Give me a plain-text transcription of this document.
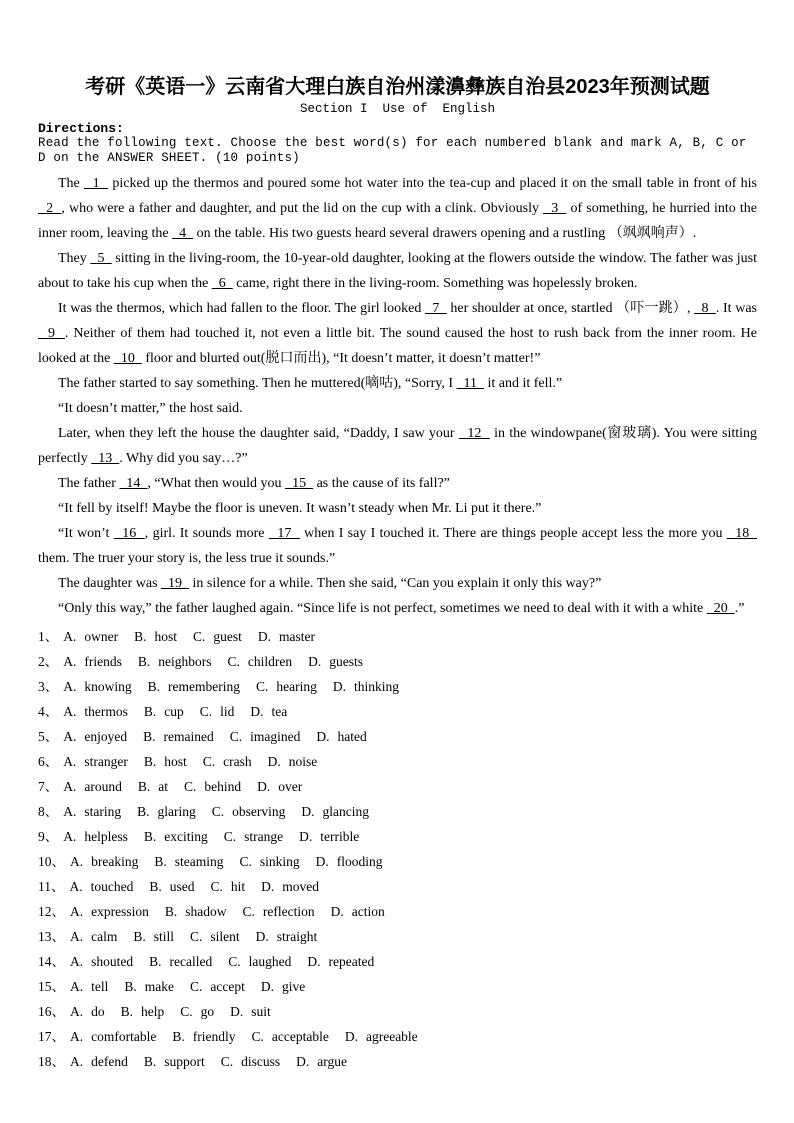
考研《英语一》云南省大理白族自治州漾濞彝族自治县2023年预测试题
Section I  Use of  English
Directions:
Read the following text. Choose the best word(s) for each numbered blank and mark A, B, C or D on the ANSWER SHEET. (10 points)

The   1   picked up the thermos and poured some hot water into the tea-cup and placed it on the small table in front of his   2  , who were a father and daughter, and put the lid on the cup with a clink. Obviously   3   of something, he hurried into the inner room, leaving the   4   on the table. His two guests heard several drawers opening and a rustling （飒飒响声）.

They   5   sitting in the living-room, the 10-year-old daughter, looking at the flowers outside the window. The father was just about to take his cup when the   6   came, right there in the living-room. Something was hopelessly broken.

It was the thermos, which had fallen to the floor. The girl looked   7   her shoulder at once, startled （吓一跳）,   8  . It was   9  . Neither of them had touched it, not even a little bit. The sound caused the host to rush back from the inner room. He looked at the   10   floor and blurted out(脱口而出), “It doesn’t matter, it doesn’t matter!”

The father started to say something. Then he muttered(嘀咕), “Sorry, I   11   it and it fell.”

“It doesn’t matter,” the host said.

Later, when they left the house the daughter said, “Daddy, I saw your   12   in the windowpane(窗玻璃). You were sitting perfectly   13  . Why did you say…?”

The father   14  , “What then would you   15   as the cause of its fall?”

“It fell by itself! Maybe the floor is uneven. It wasn’t steady when Mr. Li put it there.”

“It won’t   16  , girl. It sounds more   17   when I say I touched it. There are things people accept less the more you   18   them. The truer your story is, the less true it sounds.”

The daughter was   19   in silence for a while. Then she said, “Can you explain it only this way?”

“Only this way,” the father laughed again. “Since life is not perfect, sometimes we need to deal with it with a white   20  .”

1、 A. owner B. host C. guest D. master
2、 A. friends B. neighbors C. children D. guests
3、 A. knowing B. remembering C. hearing D. thinking
4、 A. thermos B. cup C. lid D. tea
5、 A. enjoyed B. remained C. imagined D. hated
6、 A. stranger B. host C. crash D. noise
7、 A. around B. at C. behind D. over
8、 A. staring B. glaring C. observing D. glancing
9、 A. helpless B. exciting C. strange D. terrible
10、 A. breaking B. steaming C. sinking D. flooding
11、 A. touched B. used C. hit D. moved
12、 A. expression B. shadow C. reflection D. action
13、 A. calm B. still C. silent D. straight
14、 A. shouted B. recalled C. laughed D. repeated
15、 A. tell B. make C. accept D. give
16、 A. do B. help C. go D. suit
17、 A. comfortable B. friendly C. acceptable D. agreeable
18、 A. defend B. support C. discuss D. argue
